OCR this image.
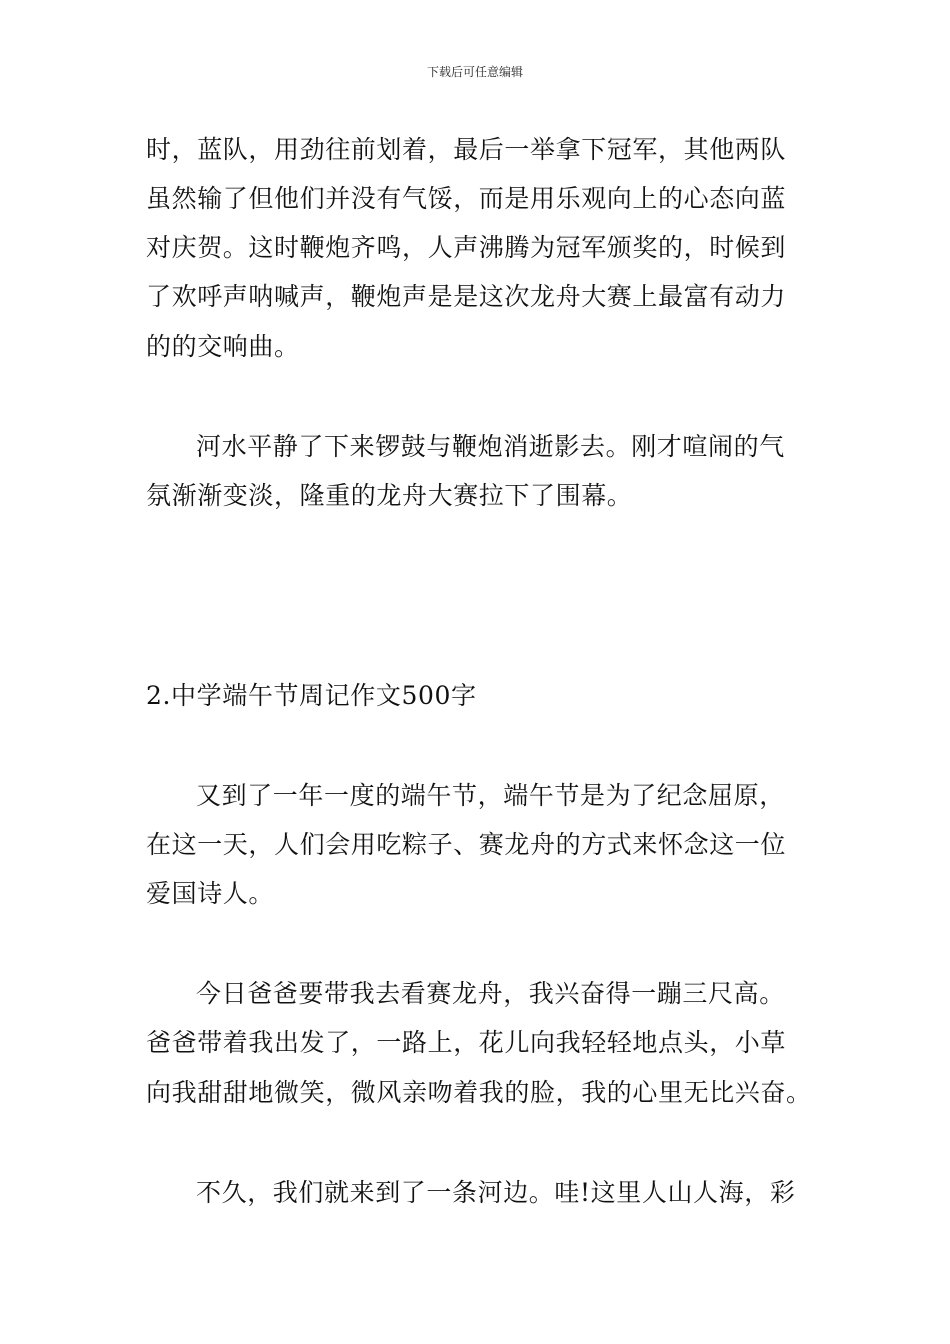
下载后可任意编辑
时，蓝队，用劲往前划着，最后一举拿下冠军，其他两队
虽然输了但他们并没有气馁，而是用乐观向上的心态向蓝
对庆贺。这时鞭炮齐鸣，人声沸腾为冠军颁奖的，时候到
了欢呼声呐喊声，鞭炮声是是这次龙舟大赛上最富有动力
的的交响曲。
河水平静了下来锣鼓与鞭炮消逝影去。刚才喧闹的气
氛渐渐变淡，隆重的龙舟大赛拉下了围幕。
2.中学端午节周记作文500字
又到了一年一度的端午节，端午节是为了纪念屈原，
在这一天，人们会用吃粽子、赛龙舟的方式来怀念这一位
爱国诗人。
今日爸爸要带我去看赛龙舟，我兴奋得一蹦三尺高。
爸爸带着我出发了，一路上，花儿向我轻轻地点头，小草
向我甜甜地微笑，微风亲吻着我的脸，我的心里无比兴奋。
不久，我们就来到了一条河边。哇!这里人山人海，彩
